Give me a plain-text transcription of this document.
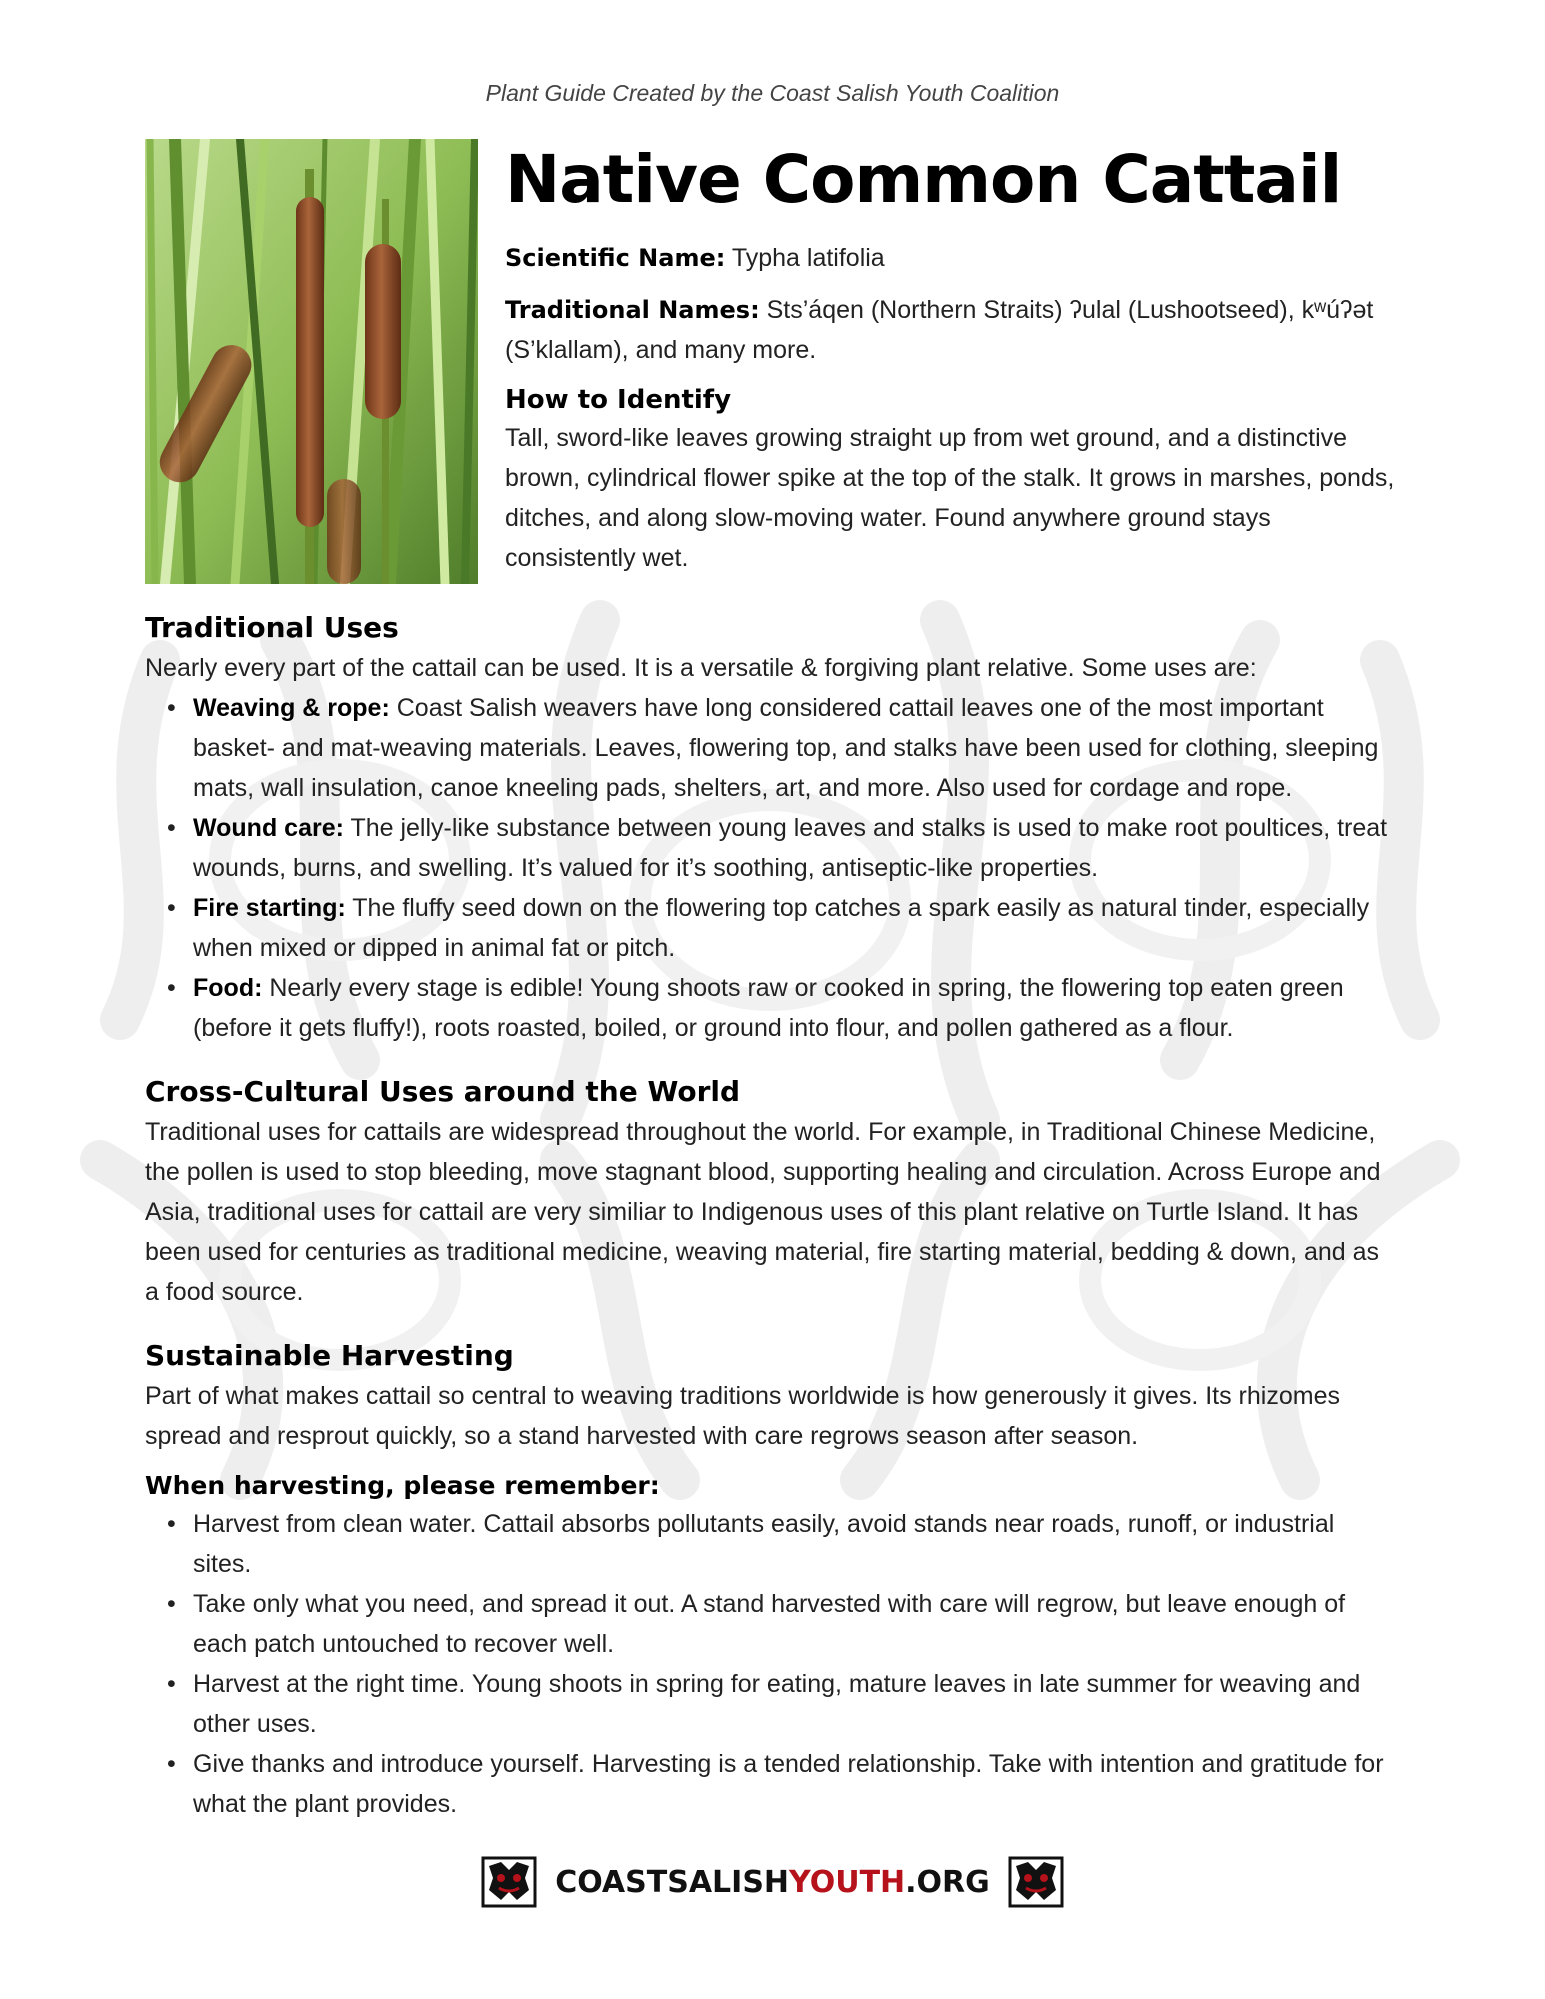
Plant Guide Created by the Coast Salish Youth Coalition
Native Common Cattail

Scientific Name: Typha latifolia

Traditional Names: Sts’áqen (Northern Straits) ʔulal (Lushootseed), kʷúʔət (S’klallam), and many more.

How to Identify

Tall, sword-like leaves growing straight up from wet ground, and a distinctive brown, cylindrical flower spike at the top of the stalk. It grows in marshes, ponds, ditches, and along slow-moving water. Found anywhere ground stays consistently wet.

Traditional Uses

Nearly every part of the cattail can be used. It is a versatile & forgiving plant relative. Some uses are:

• Weaving & rope: Coast Salish weavers have long considered cattail leaves one of the most important basket- and mat-weaving materials. Leaves, flowering top, and stalks have been used for clothing, sleeping mats, wall insulation, canoe kneeling pads, shelters, art, and more. Also used for cordage and rope.
• Wound care: The jelly-like substance between young leaves and stalks is used to make root poultices, treat wounds, burns, and swelling. It’s valued for it’s soothing, antiseptic-like properties.
• Fire starting: The fluffy seed down on the flowering top catches a spark easily as natural tinder, especially when mixed or dipped in animal fat or pitch.
• Food: Nearly every stage is edible! Young shoots raw or cooked in spring, the flowering top eaten green (before it gets fluffy!), roots roasted, boiled, or ground into flour, and pollen gathered as a flour.
Cross-Cultural Uses around the World

Traditional uses for cattails are widespread throughout the world. For example, in Traditional Chinese Medicine, the pollen is used to stop bleeding, move stagnant blood, supporting healing and circulation. Across Europe and Asia, traditional uses for cattail are very similiar to Indigenous uses of this plant relative on Turtle Island. It has been used for centuries as traditional medicine, weaving material, fire starting material, bedding & down, and as a food source.

Sustainable Harvesting

Part of what makes cattail so central to weaving traditions worldwide is how generously it gives. Its rhizomes spread and resprout quickly, so a stand harvested with care regrows season after season.

When harvesting, please remember:
• Harvest from clean water. Cattail absorbs pollutants easily, avoid stands near roads, runoff, or industrial sites.
• Take only what you need, and spread it out. A stand harvested with care will regrow, but leave enough of each patch untouched to recover well.
• Harvest at the right time. Young shoots in spring for eating, mature leaves in late summer for weaving and other uses.
• Give thanks and introduce yourself. Harvesting is a tended relationship. Take with intention and gratitude for what the plant provides.
COASTSALISHYOUTH.ORG
